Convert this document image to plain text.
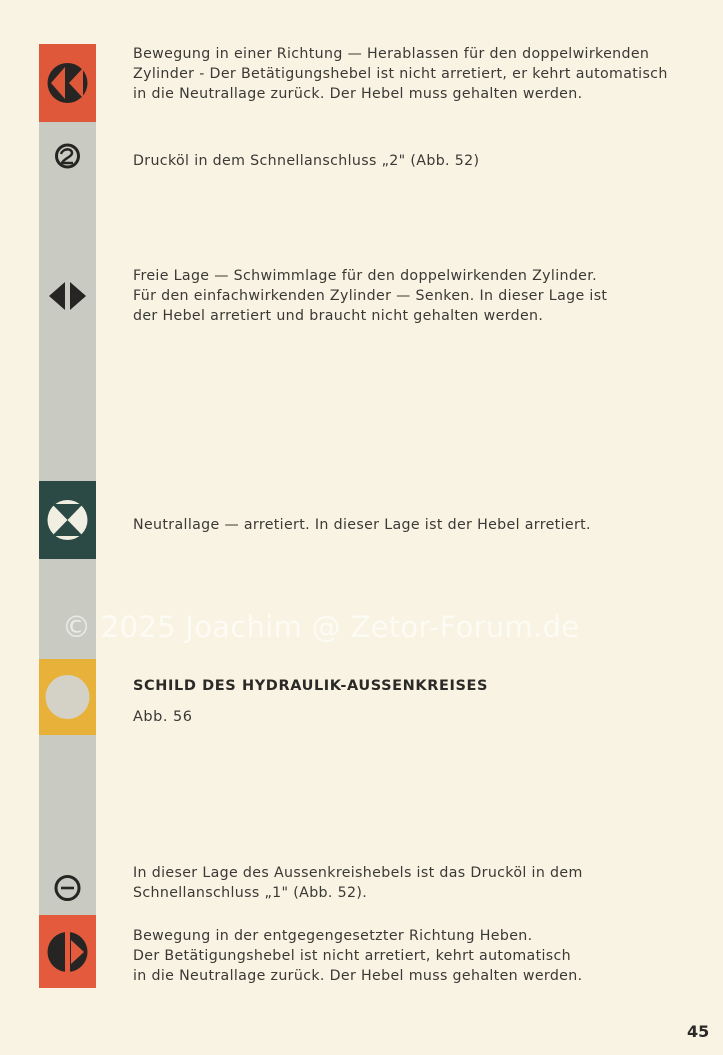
Bewegung in einer Richtung — Herablassen für den doppelwirkenden
Zylinder - Der Betätigungshebel ist nicht arretiert, er kehrt automatisch
in die Neutrallage zurück. Der Hebel muss gehalten werden.
Drucköl in dem Schnellanschluss „2" (Abb. 52)
Freie Lage — Schwimmlage für den doppelwirkenden Zylinder.
Für den einfachwirkenden Zylinder — Senken. In dieser Lage ist
der Hebel arretiert und braucht nicht gehalten werden.
Neutrallage — arretiert. In dieser Lage ist der Hebel arretiert.
© 2025 Joachim @ Zetor-Forum.de
SCHILD DES HYDRAULIK-AUSSENKREISES
Abb. 56
In dieser Lage des Aussenkreishebels ist das Drucköl in dem
Schnellanschluss „1" (Abb. 52).
Bewegung in der entgegengesetzter Richtung Heben.
Der Betätigungshebel ist nicht arretiert, kehrt automatisch
in die Neutrallage zurück. Der Hebel muss gehalten werden.
45
